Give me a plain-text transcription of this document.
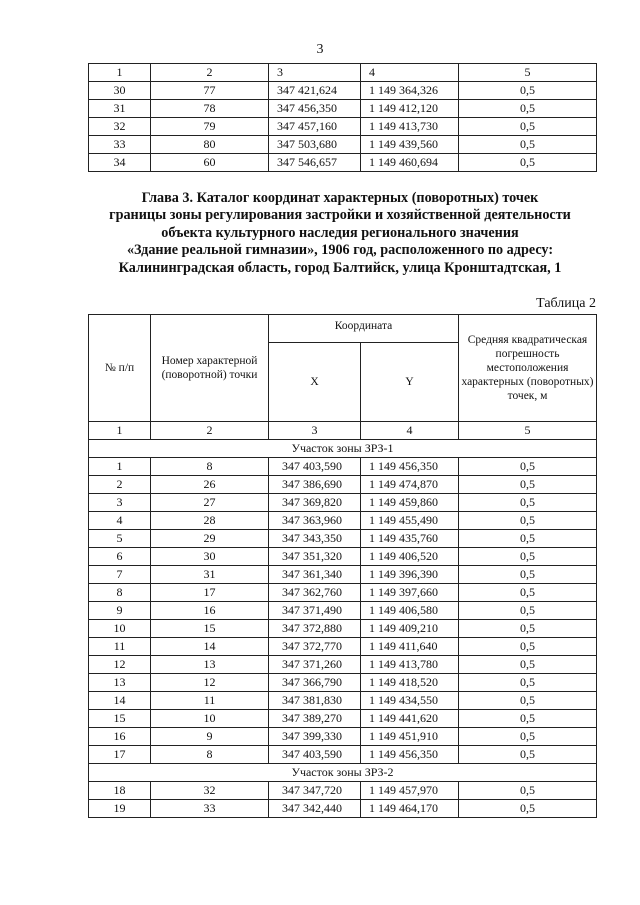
3
1	2	3	4	5
30	77	347 421,624	1 149 364,326	0,5
31	78	347 456,350	1 149 412,120	0,5
32	79	347 457,160	1 149 413,730	0,5
33	80	347 503,680	1 149 439,560	0,5
34	60	347 546,657	1 149 460,694	0,5
Глава 3. Каталог координат характерных (поворотных) точек
границы зоны регулирования застройки и хозяйственной деятельности
объекта культурного наследия регионального значения
«Здание реальной гимназии», 1906 год, расположенного по адресу:
Калининградская область, город Балтийск, улица Кронштадтская, 1
Таблица 2
№ п/п	Номер характерной (поворотной) точки	Координата		Средняя квадратическая погрешность местоположения характерных (поворотных) точек, м
		X	Y	
1	2	3	4	5
Участок зоны ЗРЗ-1				
1	8	347 403,590	1 149 456,350	0,5
2	26	347 386,690	1 149 474,870	0,5
3	27	347 369,820	1 149 459,860	0,5
4	28	347 363,960	1 149 455,490	0,5
5	29	347 343,350	1 149 435,760	0,5
6	30	347 351,320	1 149 406,520	0,5
7	31	347 361,340	1 149 396,390	0,5
8	17	347 362,760	1 149 397,660	0,5
9	16	347 371,490	1 149 406,580	0,5
10	15	347 372,880	1 149 409,210	0,5
11	14	347 372,770	1 149 411,640	0,5
12	13	347 371,260	1 149 413,780	0,5
13	12	347 366,790	1 149 418,520	0,5
14	11	347 381,830	1 149 434,550	0,5
15	10	347 389,270	1 149 441,620	0,5
16	9	347 399,330	1 149 451,910	0,5
17	8	347 403,590	1 149 456,350	0,5
Участок зоны ЗРЗ-2				
18	32	347 347,720	1 149 457,970	0,5
19	33	347 342,440	1 149 464,170	0,5
